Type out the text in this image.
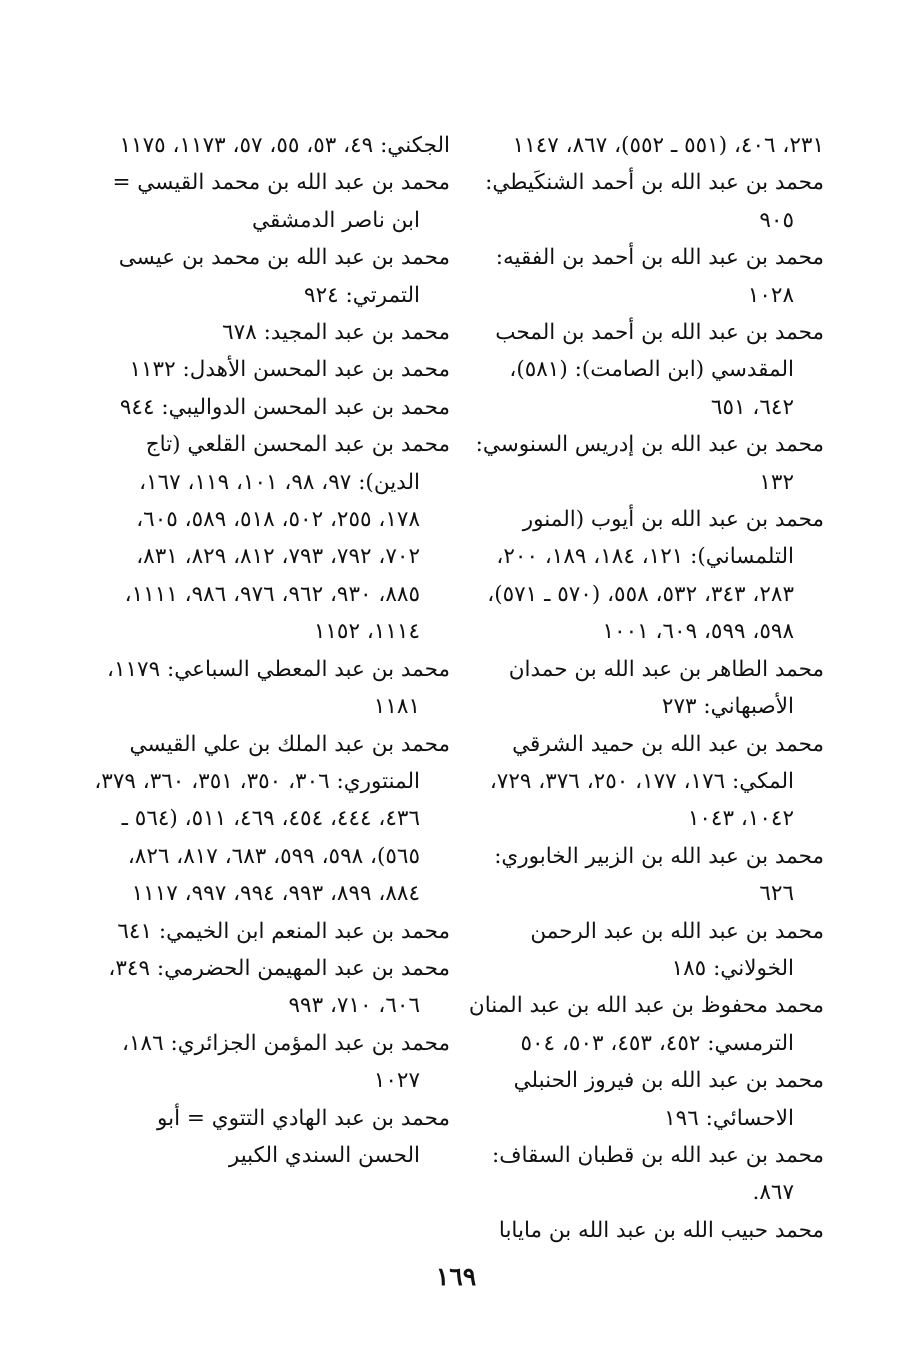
٢٣١، ٤٠٦، (٥٥١ ـ ٥٥٢)، ٨٦٧، ١١٤٧

محمد بن عبد الله بن أحمد الشنكَيطي: ٩٠٥

محمد بن عبد الله بن أحمد بن الفقيه: ١٠٢٨

محمد بن عبد الله بن أحمد بن المحب المقدسي (ابن الصامت): (٥٨١)، ٦٤٢، ٦٥١

محمد بن عبد الله بن إدريس السنوسي: ١٣٢

محمد بن عبد الله بن أيوب (المنور التلمساني): ١٢١، ١٨٤، ١٨٩، ٢٠٠، ٢٨٣، ٣٤٣، ٥٣٢، ٥٥٨، (٥٧٠ ـ ٥٧١)، ٥٩٨، ٥٩٩، ٦٠٩، ١٠٠١

محمد الطاهر بن عبد الله بن حمدان الأصبهاني: ٢٧٣

محمد بن عبد الله بن حميد الشرقي المكي: ١٧٦، ١٧٧، ٢٥٠، ٣٧٦، ٧٢٩، ١٠٤٢، ١٠٤٣

محمد بن عبد الله بن الزبير الخابوري: ٦٢٦

محمد بن عبد الله بن عبد الرحمن الخولاني: ١٨٥

محمد محفوظ بن عبد الله بن عبد المنان الترمسي: ٤٥٢، ٤٥٣، ٥٠٣، ٥٠٤

محمد بن عبد الله بن فيروز الحنبلي الاحسائي: ١٩٦

محمد بن عبد الله بن قطبان السقاف: ٨٦٧.

محمد حبيب الله بن عبد الله بن مايابا

الجكني: ٤٩، ٥٣، ٥٥، ٥٧، ١١٧٣، ١١٧٥

محمد بن عبد الله بن محمد القيسي = ابن ناصر الدمشقي

محمد بن عبد الله بن محمد بن عيسى التمرتي: ٩٢٤

محمد بن عبد المجيد: ٦٧٨

محمد بن عبد المحسن الأهدل: ١١٣٢

محمد بن عبد المحسن الدواليبي: ٩٤٤

محمد بن عبد المحسن القلعي (تاج الدين): ٩٧، ٩٨، ١٠١، ١١٩، ١٦٧، ١٧٨، ٢٥٥، ٥٠٢، ٥١٨، ٥٨٩، ٦٠٥، ٧٠٢، ٧٩٢، ٧٩٣، ٨١٢، ٨٢٩، ٨٣١، ٨٨٥، ٩٣٠، ٩٦٢، ٩٧٦، ٩٨٦، ١١١١، ١١١٤، ١١٥٢

محمد بن عبد المعطي السباعي: ١١٧٩، ١١٨١

محمد بن عبد الملك بن علي القيسي المنتوري: ٣٠٦، ٣٥٠، ٣٥١، ٣٦٠، ٣٧٩، ٤٣٦، ٤٤٤، ٤٥٤، ٤٦٩، ٥١١، (٥٦٤ ـ ٥٦٥)، ٥٩٨، ٥٩٩، ٦٨٣، ٨١٧، ٨٢٦، ٨٨٤، ٨٩٩، ٩٩٣، ٩٩٤، ٩٩٧، ١١١٧

محمد بن عبد المنعم ابن الخيمي: ٦٤١

محمد بن عبد المهيمن الحضرمي: ٣٤٩، ٦٠٦، ٧١٠، ٩٩٣

محمد بن عبد المؤمن الجزائري: ١٨٦، ١٠٢٧

محمد بن عبد الهادي التتوي = أبو الحسن السندي الكبير

١٦٩
